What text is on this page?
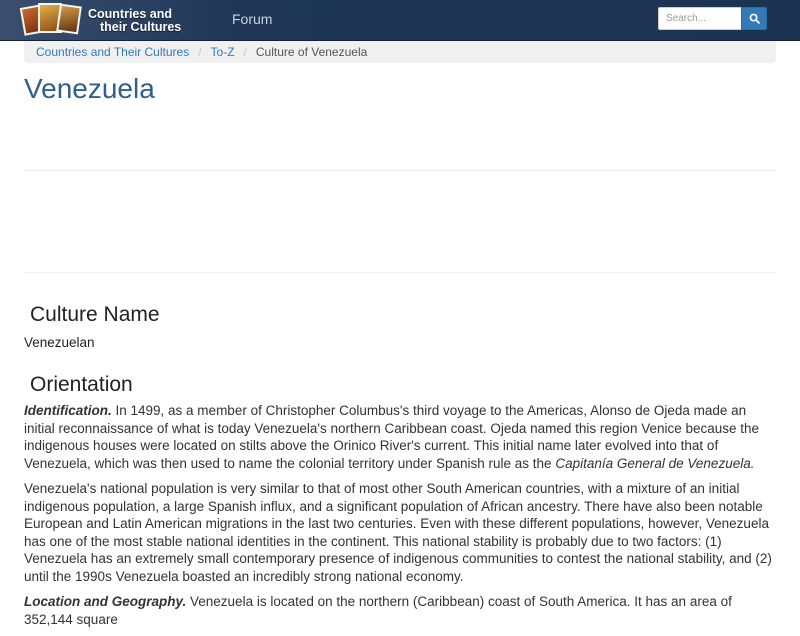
Countries and
their Cultures	Forum
Search...
Countries and Their Cultures / To-Z / Culture of Venezuela
Venezuela
Culture Name
Venezuelan
Orientation

Identification. In 1499, as a member of Christopher Columbus's third voyage to the Americas, Alonso de Ojeda made an initial reconnaissance of what is today Venezuela's northern Caribbean coast. Ojeda named this region Venice because the indigenous houses were located on stilts above the Orinico River's current. This initial name later evolved into that of Venezuela, which was then used to name the colonial territory under Spanish rule as the Capitanía General de Venezuela.

Venezuela's national population is very similar to that of most other South American countries, with a mixture of an initial indigenous population, a large Spanish influx, and a significant population of African ancestry. There have also been notable European and Latin American migrations in the last two centuries. Even with these different populations, however, Venezuela has one of the most stable national identities in the continent. This national stability is probably due to two factors: (1) Venezuela has an extremely small contemporary presence of indigenous communities to contest the national stability, and (2) until the 1990s Venezuela boasted an incredibly strong national economy.

Location and Geography. Venezuela is located on the northern (Caribbean) coast of South America. It has an area of 352,144 square
